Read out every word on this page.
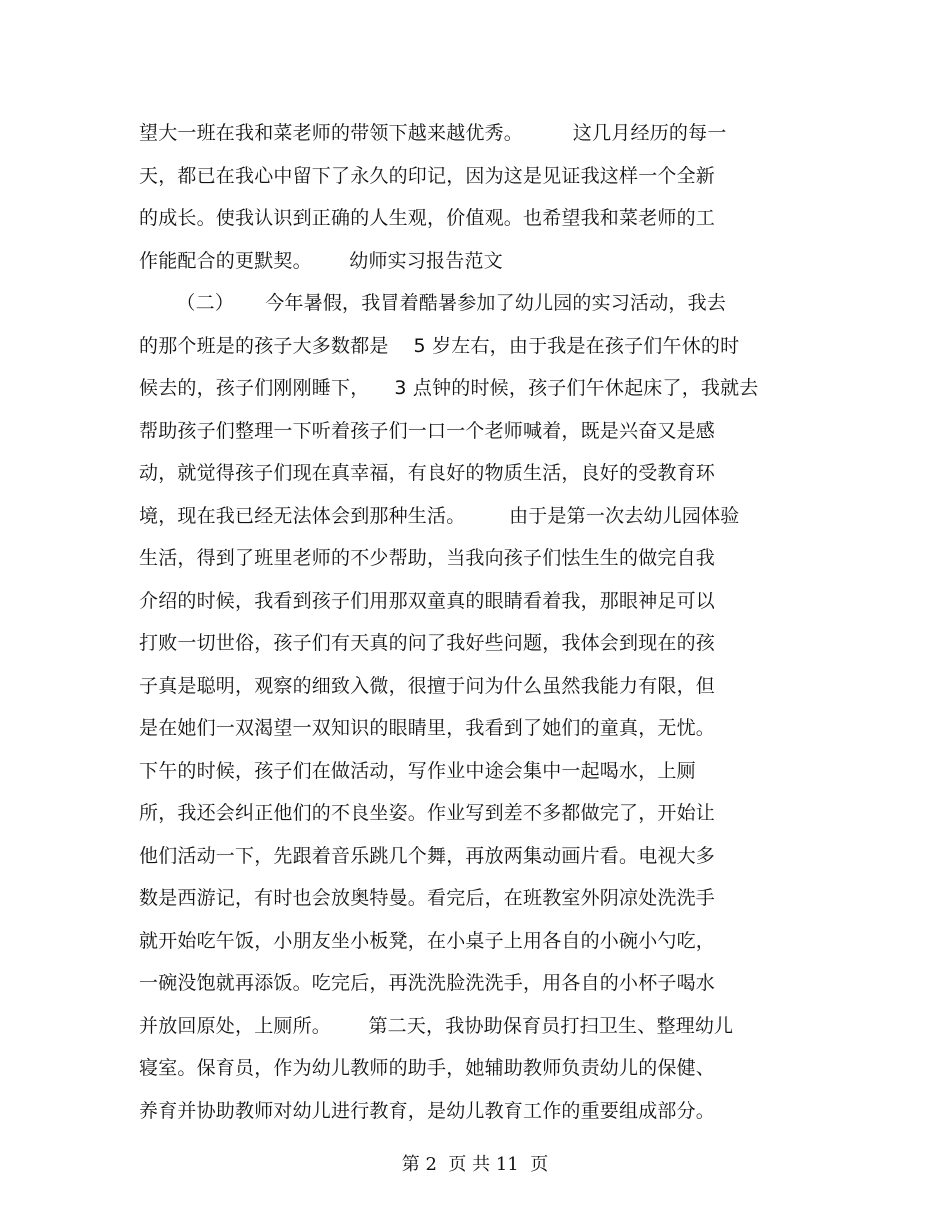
望大一班在我和菜老师的带领下越来越优秀。        这几月经历的每一
天，都已在我心中留下了永久的印记，因为这是见证我这样一个全新
的成长。使我认识到正确的人生观，价值观。也希望我和菜老师的工
作能配合的更默契。      幼师实习报告范文
（二）     今年暑假，我冒着酷暑参加了幼儿园的实习活动，我去
的那个班是的孩子大多数都是    5 岁左右，由于我是在孩子们午休的时
候去的，孩子们刚刚睡下，    3 点钟的时候，孩子们午休起床了，我就去
帮助孩子们整理一下听着孩子们一口一个老师喊着，既是兴奋又是感
动，就觉得孩子们现在真幸福，有良好的物质生活，良好的受教育环
境，现在我已经无法体会到那种生活。       由于是第一次去幼儿园体验
生活，得到了班里老师的不少帮助，当我向孩子们怯生生的做完自我
介绍的时候，我看到孩子们用那双童真的眼睛看着我，那眼神足可以
打败一切世俗，孩子们有天真的问了我好些问题，我体会到现在的孩
子真是聪明，观察的细致入微，很擅于问为什么虽然我能力有限，但
是在她们一双渴望一双知识的眼睛里，我看到了她们的童真，无忧。
下午的时候，孩子们在做活动，写作业中途会集中一起喝水，上厕
所，我还会纠正他们的不良坐姿。作业写到差不多都做完了，开始让
他们活动一下，先跟着音乐跳几个舞，再放两集动画片看。电视大多
数是西游记，有时也会放奥特曼。看完后，在班教室外阴凉处洗洗手
就开始吃午饭，小朋友坐小板凳，在小桌子上用各自的小碗小勺吃，
一碗没饱就再添饭。吃完后，再洗洗脸洗洗手，用各自的小杯子喝水
并放回原处，上厕所。      第二天，我协助保育员打扫卫生、整理幼儿
寝室。保育员，作为幼儿教师的助手，她辅助教师负责幼儿的保健、
养育并协助教师对幼儿进行教育，是幼儿教育工作的重要组成部分。
第 2  页 共 11  页
